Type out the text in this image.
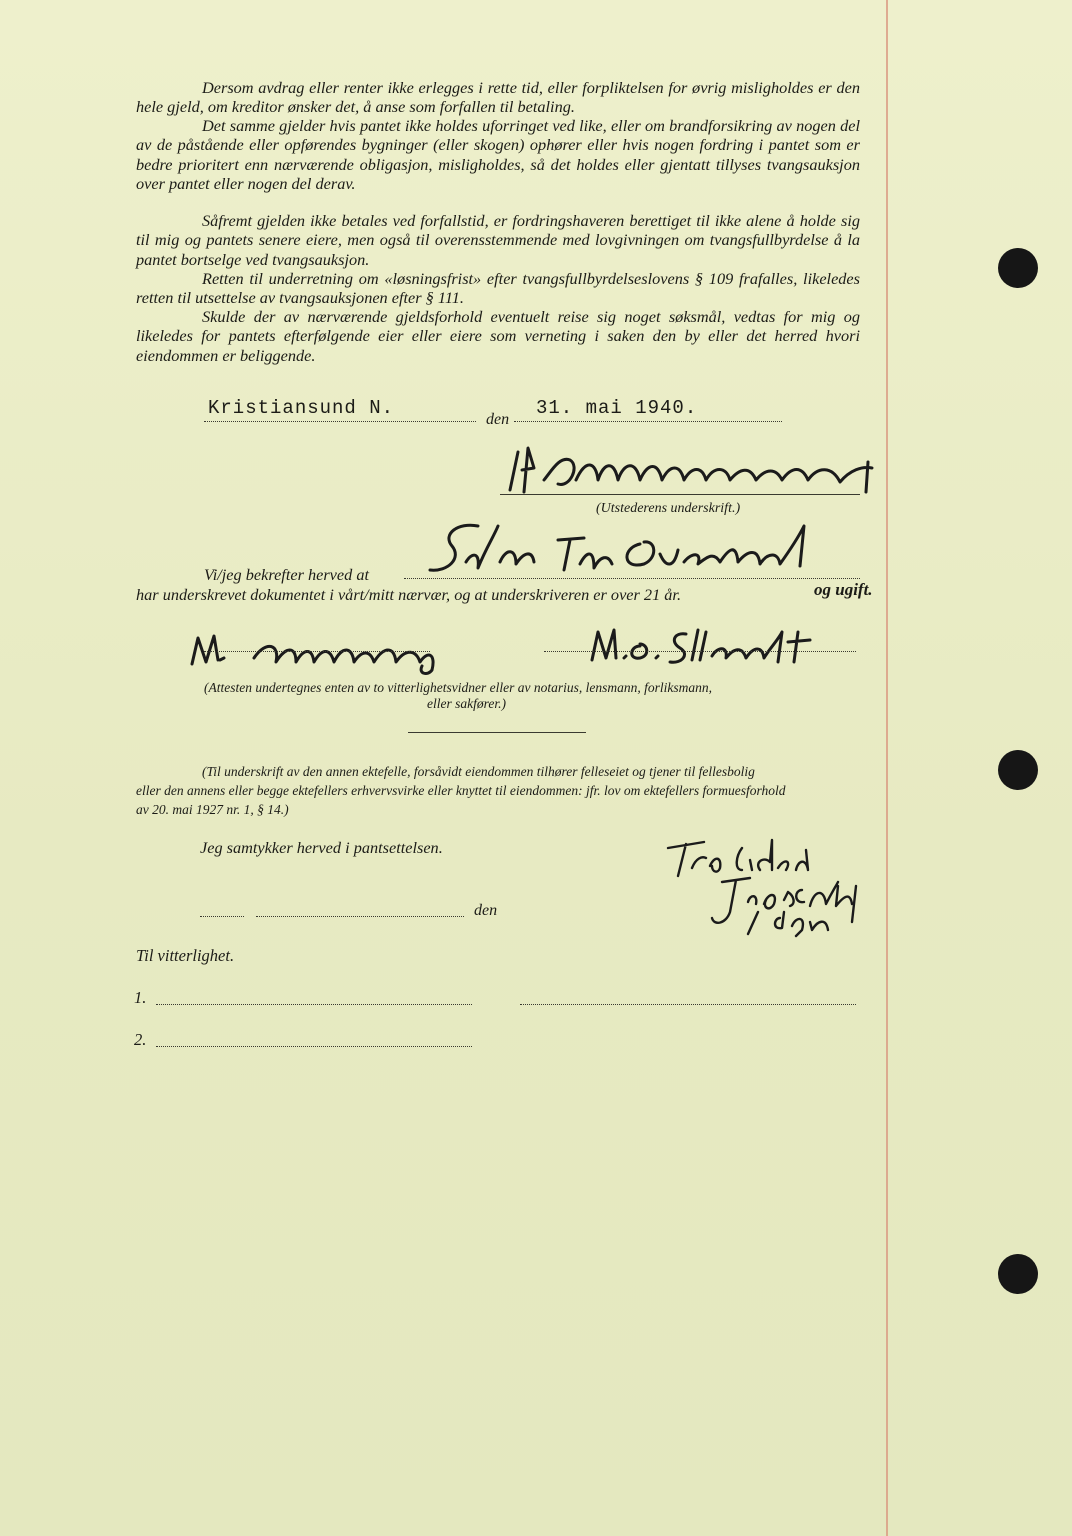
Dersom avdrag eller renter ikke erlegges i rette tid, eller forpliktelsen for øvrig misligholdes er den hele gjeld, om kreditor ønsker det, å anse som forfallen til betaling.

Det samme gjelder hvis pantet ikke holdes uforringet ved like, eller om brandforsikring av nogen del av de påstående eller opførendes bygninger (eller skogen) ophører eller hvis nogen fordring i pantet som er bedre prioritert enn nærværende obligasjon, misligholdes, så det holdes eller gjentatt tillyses tvangsauksjon over pantet eller nogen del derav.

Såfremt gjelden ikke betales ved forfallstid, er fordringshaveren berettiget til ikke alene å holde sig til mig og pantets senere eiere, men også til overensstemmende med lovgivningen om tvangsfullbyrdelse å la pantet bortselge ved tvangsauksjon.

Retten til underretning om «løsningsfrist» efter tvangsfullbyrdelseslovens § 109 frafalles, likeledes retten til utsettelse av tvangsauksjonen efter § 111.

Skulde der av nærværende gjeldsforhold eventuelt reise sig noget søksmål, vedtas for mig og likeledes for pantets efterfølgende eier eller eiere som verneting i saken den by eller det herred hvori eiendommen er beliggende.

Kristiansund N.
den
31. mai 1940.
(Utstederens underskrift.)
Vi/jeg bekrefter herved at
har underskrevet dokumentet i vårt/mitt nærvær, og at underskriveren er over 21 år.	og ugift.
(Attesten undertegnes enten av to vitterlighetsvidner eller av notarius, lensmann, forliksmann,
eller sakfører.)
(Til underskrift av den annen ektefelle, forsåvidt eiendommen tilhører felleseiet og tjener til fellesbolig
eller den annens eller begge ektefellers erhvervsvirke eller knyttet til eiendommen: jfr. lov om ektefellers formuesforhold
av 20. mai 1927 nr. 1, § 14.)
Jeg samtykker herved i pantsettelsen.
den
Til vitterlighet.
1.
2.
